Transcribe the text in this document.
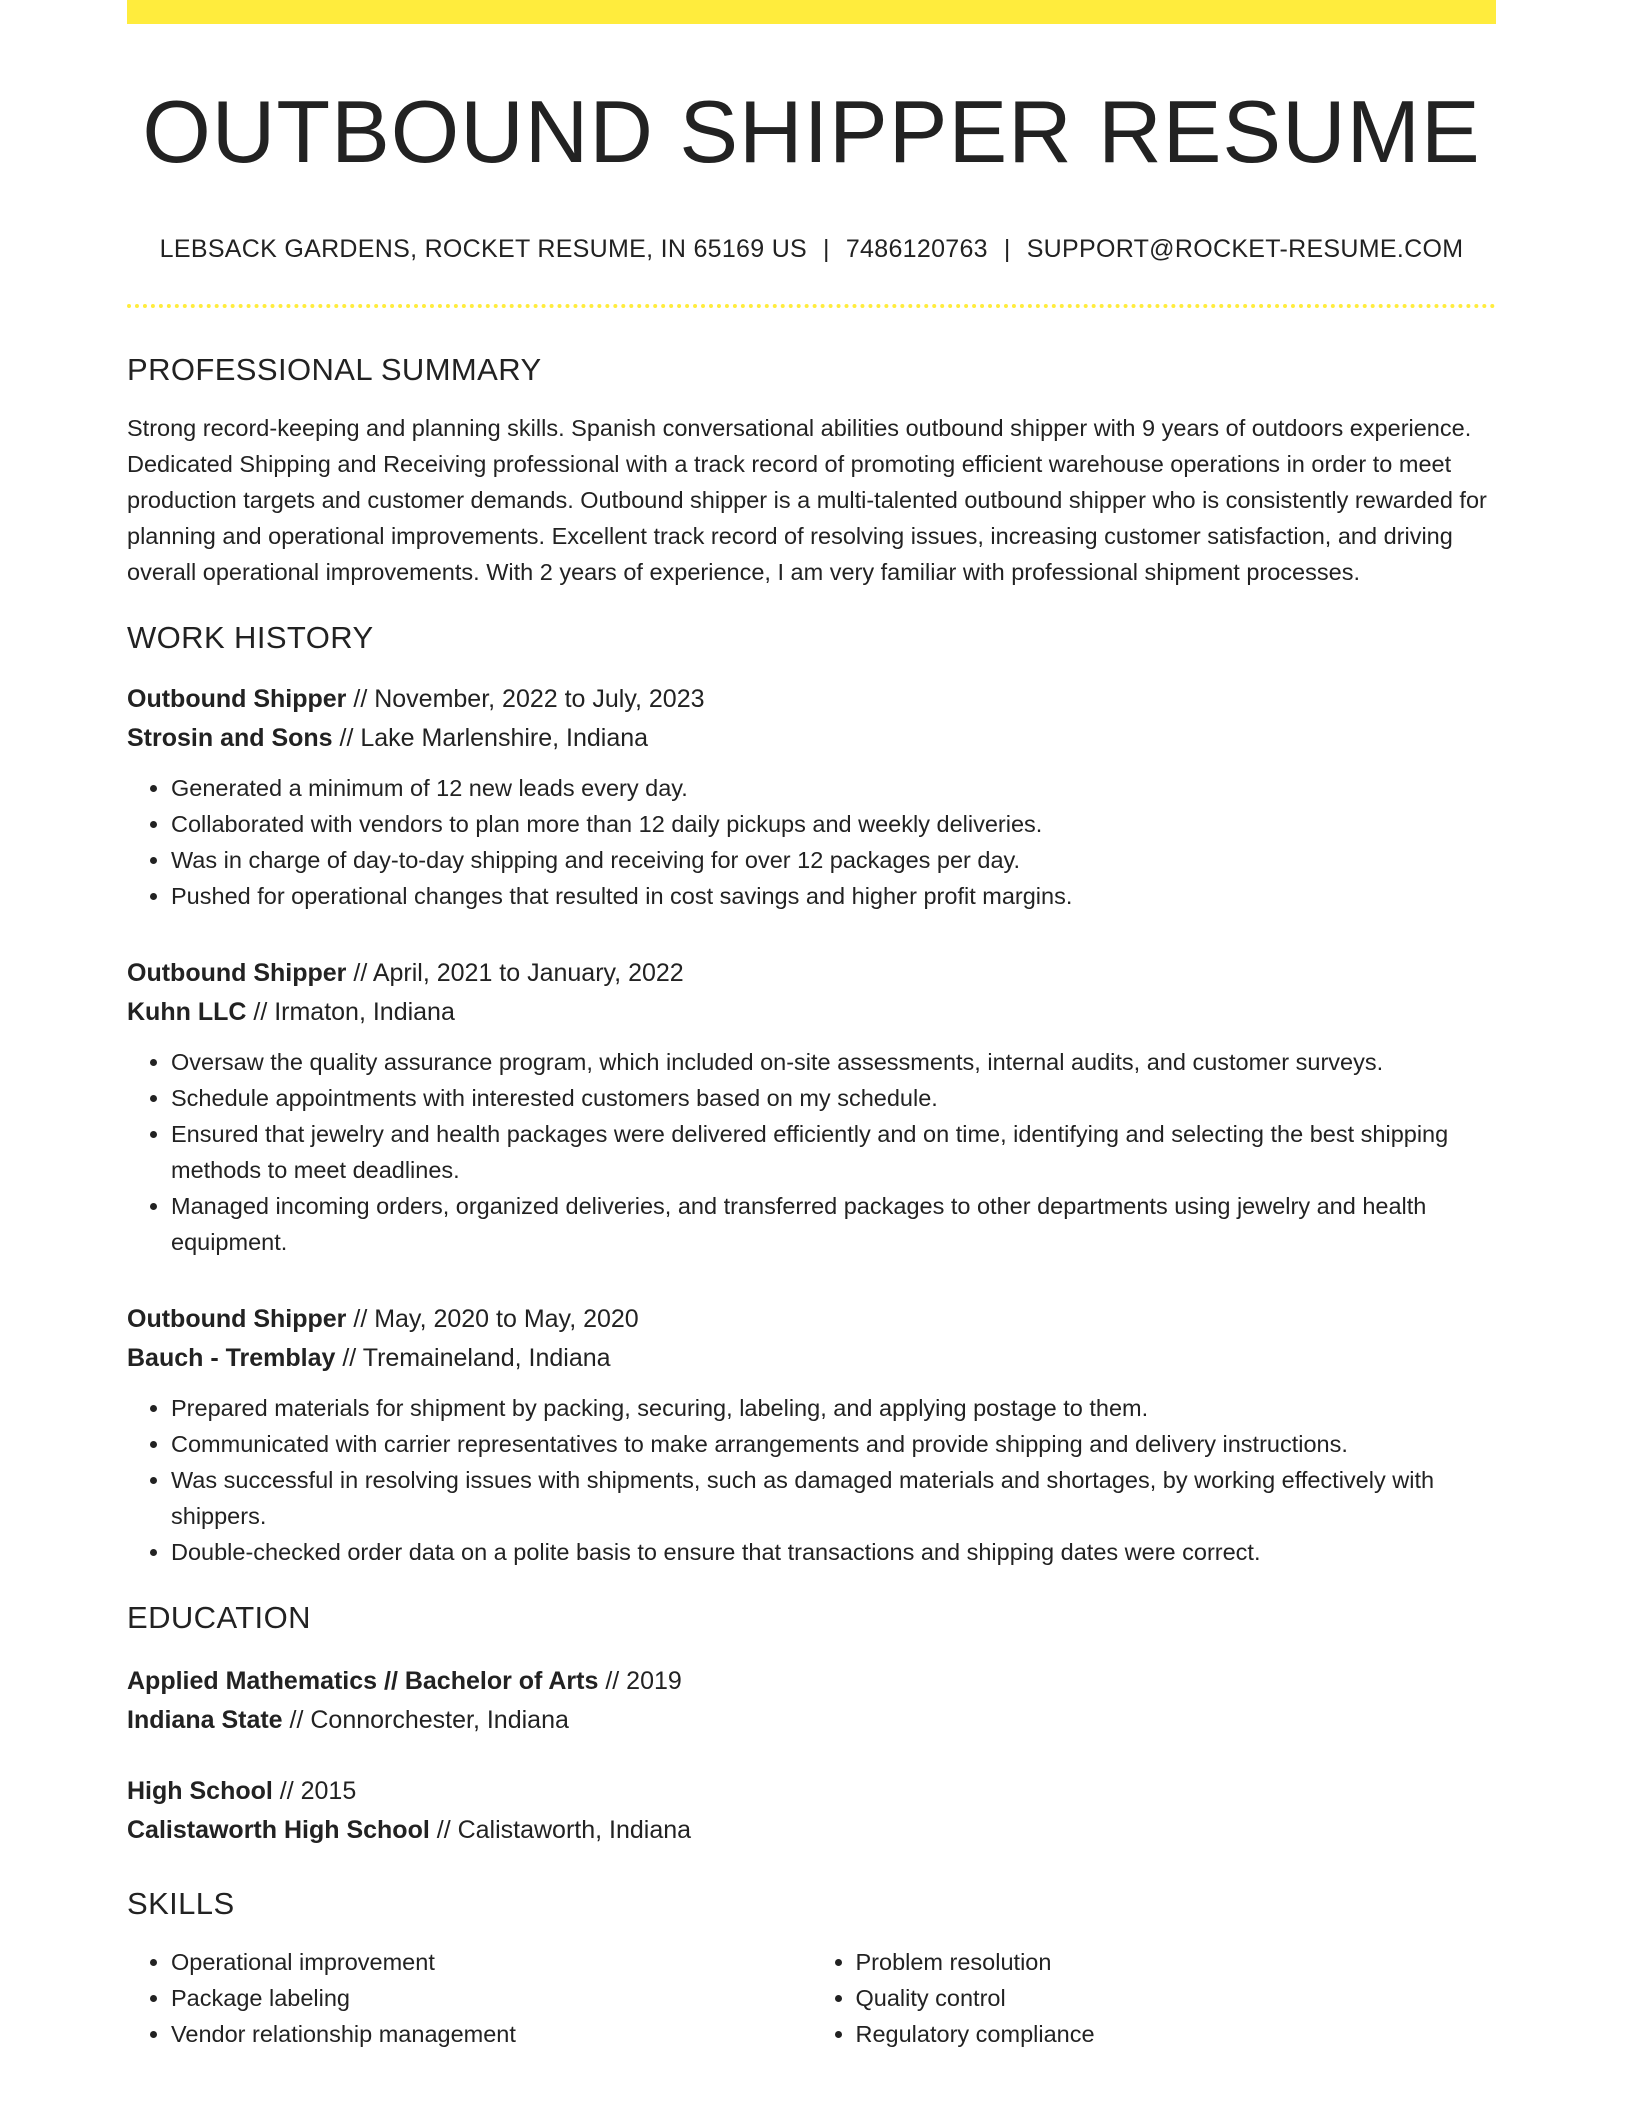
OUTBOUND SHIPPER RESUME
LEBSACK GARDENS, ROCKET RESUME, IN 65169 US | 7486120763 | SUPPORT@ROCKET-RESUME.COM
PROFESSIONAL SUMMARY
Strong record-keeping and planning skills. Spanish conversational abilities outbound shipper with 9 years of outdoors experience. Dedicated Shipping and Receiving professional with a track record of promoting efficient warehouse operations in order to meet production targets and customer demands. Outbound shipper is a multi-talented outbound shipper who is consistently rewarded for planning and operational improvements. Excellent track record of resolving issues, increasing customer satisfaction, and driving overall operational improvements. With 2 years of experience, I am very familiar with professional shipment processes.
WORK HISTORY
Outbound Shipper // November, 2022 to July, 2023
Strosin and Sons // Lake Marlenshire, Indiana
• Generated a minimum of 12 new leads every day.
• Collaborated with vendors to plan more than 12 daily pickups and weekly deliveries.
• Was in charge of day-to-day shipping and receiving for over 12 packages per day.
• Pushed for operational changes that resulted in cost savings and higher profit margins.
Outbound Shipper // April, 2021 to January, 2022
Kuhn LLC // Irmaton, Indiana
• Oversaw the quality assurance program, which included on-site assessments, internal audits, and customer surveys.
• Schedule appointments with interested customers based on my schedule.
• Ensured that jewelry and health packages were delivered efficiently and on time, identifying and selecting the best shipping methods to meet deadlines.
• Managed incoming orders, organized deliveries, and transferred packages to other departments using jewelry and health equipment.
Outbound Shipper // May, 2020 to May, 2020
Bauch - Tremblay // Tremaineland, Indiana
• Prepared materials for shipment by packing, securing, labeling, and applying postage to them.
• Communicated with carrier representatives to make arrangements and provide shipping and delivery instructions.
• Was successful in resolving issues with shipments, such as damaged materials and shortages, by working effectively with shippers.
• Double-checked order data on a polite basis to ensure that transactions and shipping dates were correct.
EDUCATION
Applied Mathematics // Bachelor of Arts // 2019
Indiana State // Connorchester, Indiana
High School // 2015
Calistaworth High School // Calistaworth, Indiana
SKILLS
• Operational improvement
• Package labeling
• Vendor relationship management
• Problem resolution
• Quality control
• Regulatory compliance
